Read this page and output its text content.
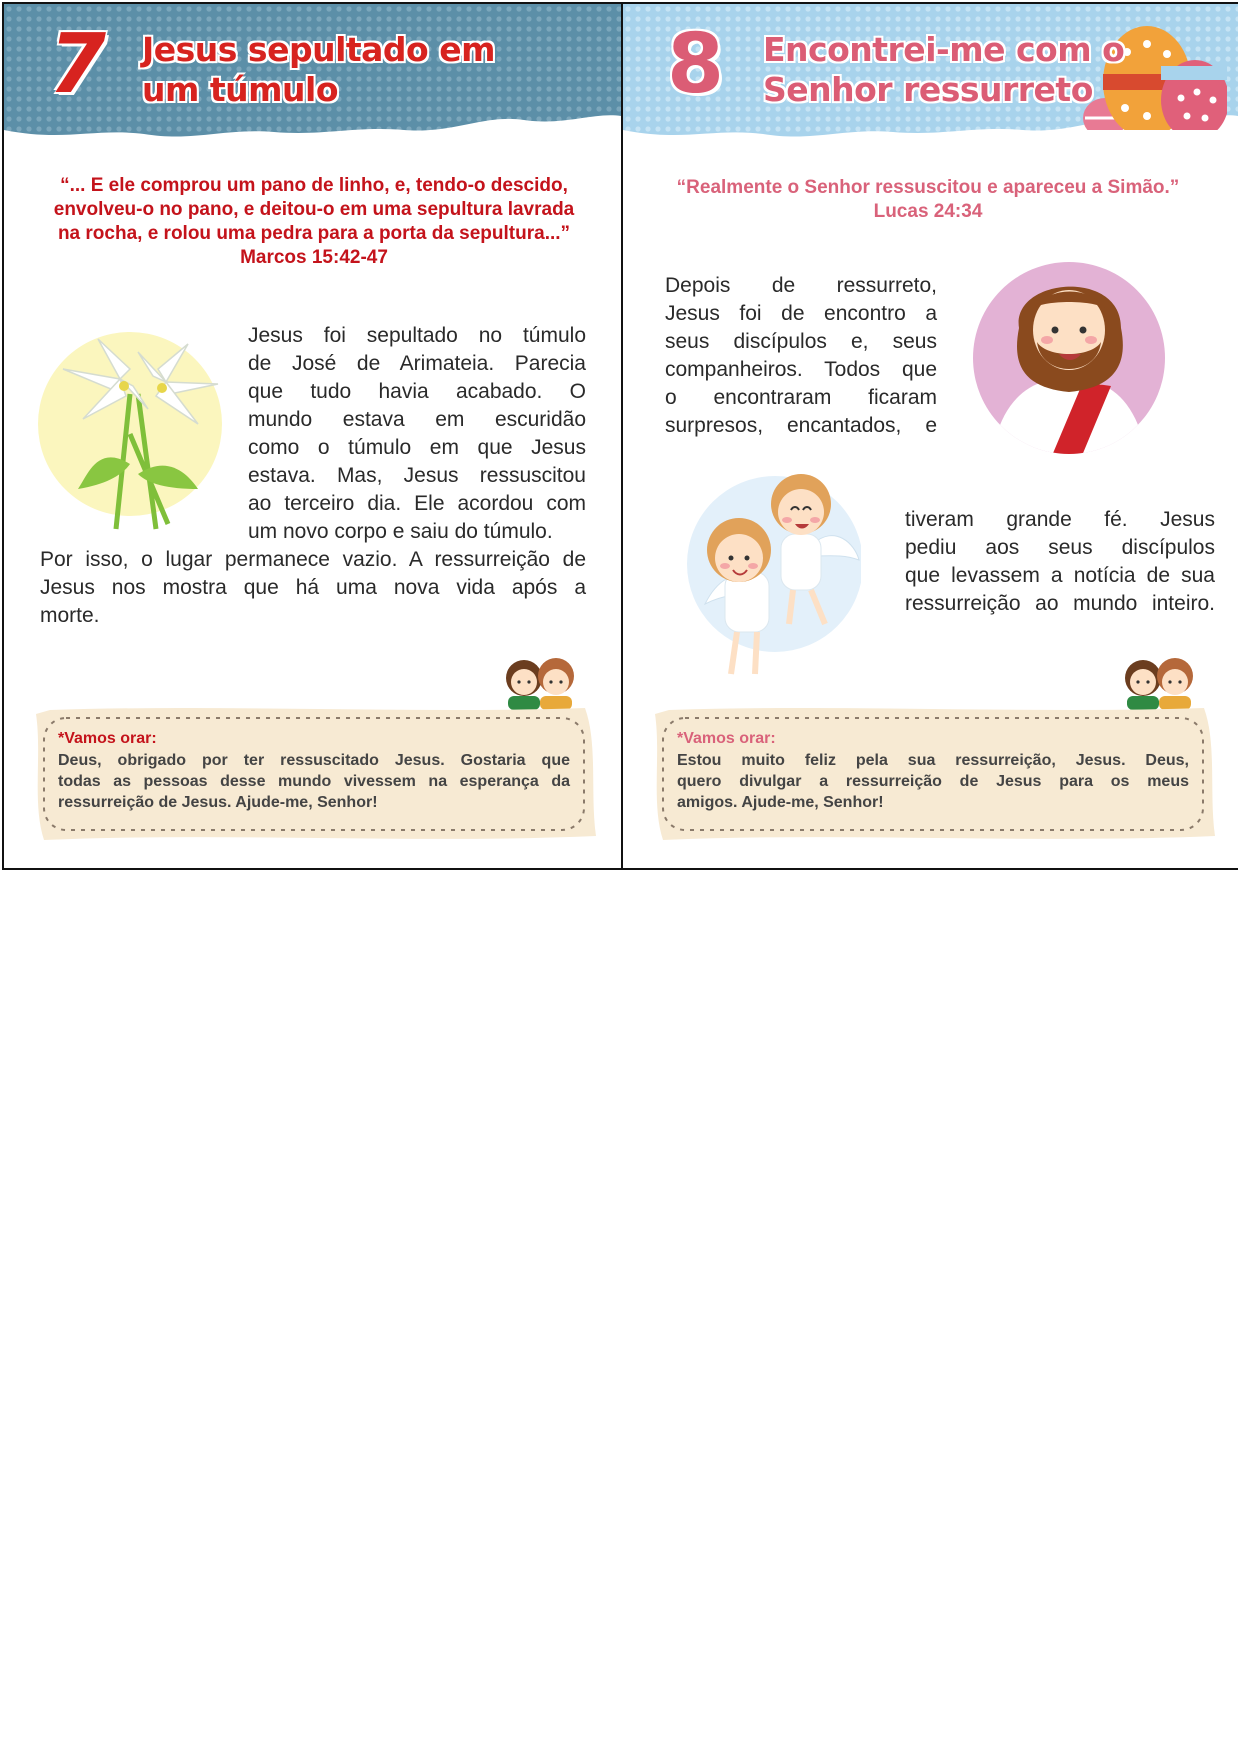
7 Jesus sepultado em
um túmulo
“... E ele comprou um pano de linho, e, tendo-o descido,
envolveu-o no pano, e deitou-o em uma sepultura lavrada
na rocha, e rolou uma pedra para a porta da sepultura...”
Marcos 15:42-47
Jesus foi sepultado no túmulo
de José de Arimateia. Parecia
que tudo havia acabado. O
mundo estava em escuridão
como o túmulo em que Jesus
estava. Mas, Jesus ressuscitou
ao terceiro dia. Ele acordou com
um novo corpo e saiu do túmulo.
Por isso, o lugar permanece vazio. A ressurreição de
Jesus nos mostra que há uma nova vida após a
morte.
*Vamos orar:
Deus, obrigado por ter ressuscitado Jesus. Gostaria que
todas as pessoas desse mundo vivessem na esperança da
ressurreição de Jesus. Ajude-me, Senhor!
8 Encontrei-me com o
Senhor ressurreto
“Realmente o Senhor ressuscitou e apareceu a Simão.”
Lucas 24:34
Depois de ressurreto,
Jesus foi de encontro a
seus discípulos e, seus
companheiros. Todos que
o encontraram ficaram
surpresos, encantados, e
tiveram grande fé. Jesus
pediu aos seus discípulos
que levassem a notícia de sua
ressurreição ao mundo inteiro.
*Vamos orar:
Estou muito feliz pela sua ressurreição, Jesus. Deus,
quero divulgar a ressurreição de Jesus para os meus
amigos. Ajude-me, Senhor!
